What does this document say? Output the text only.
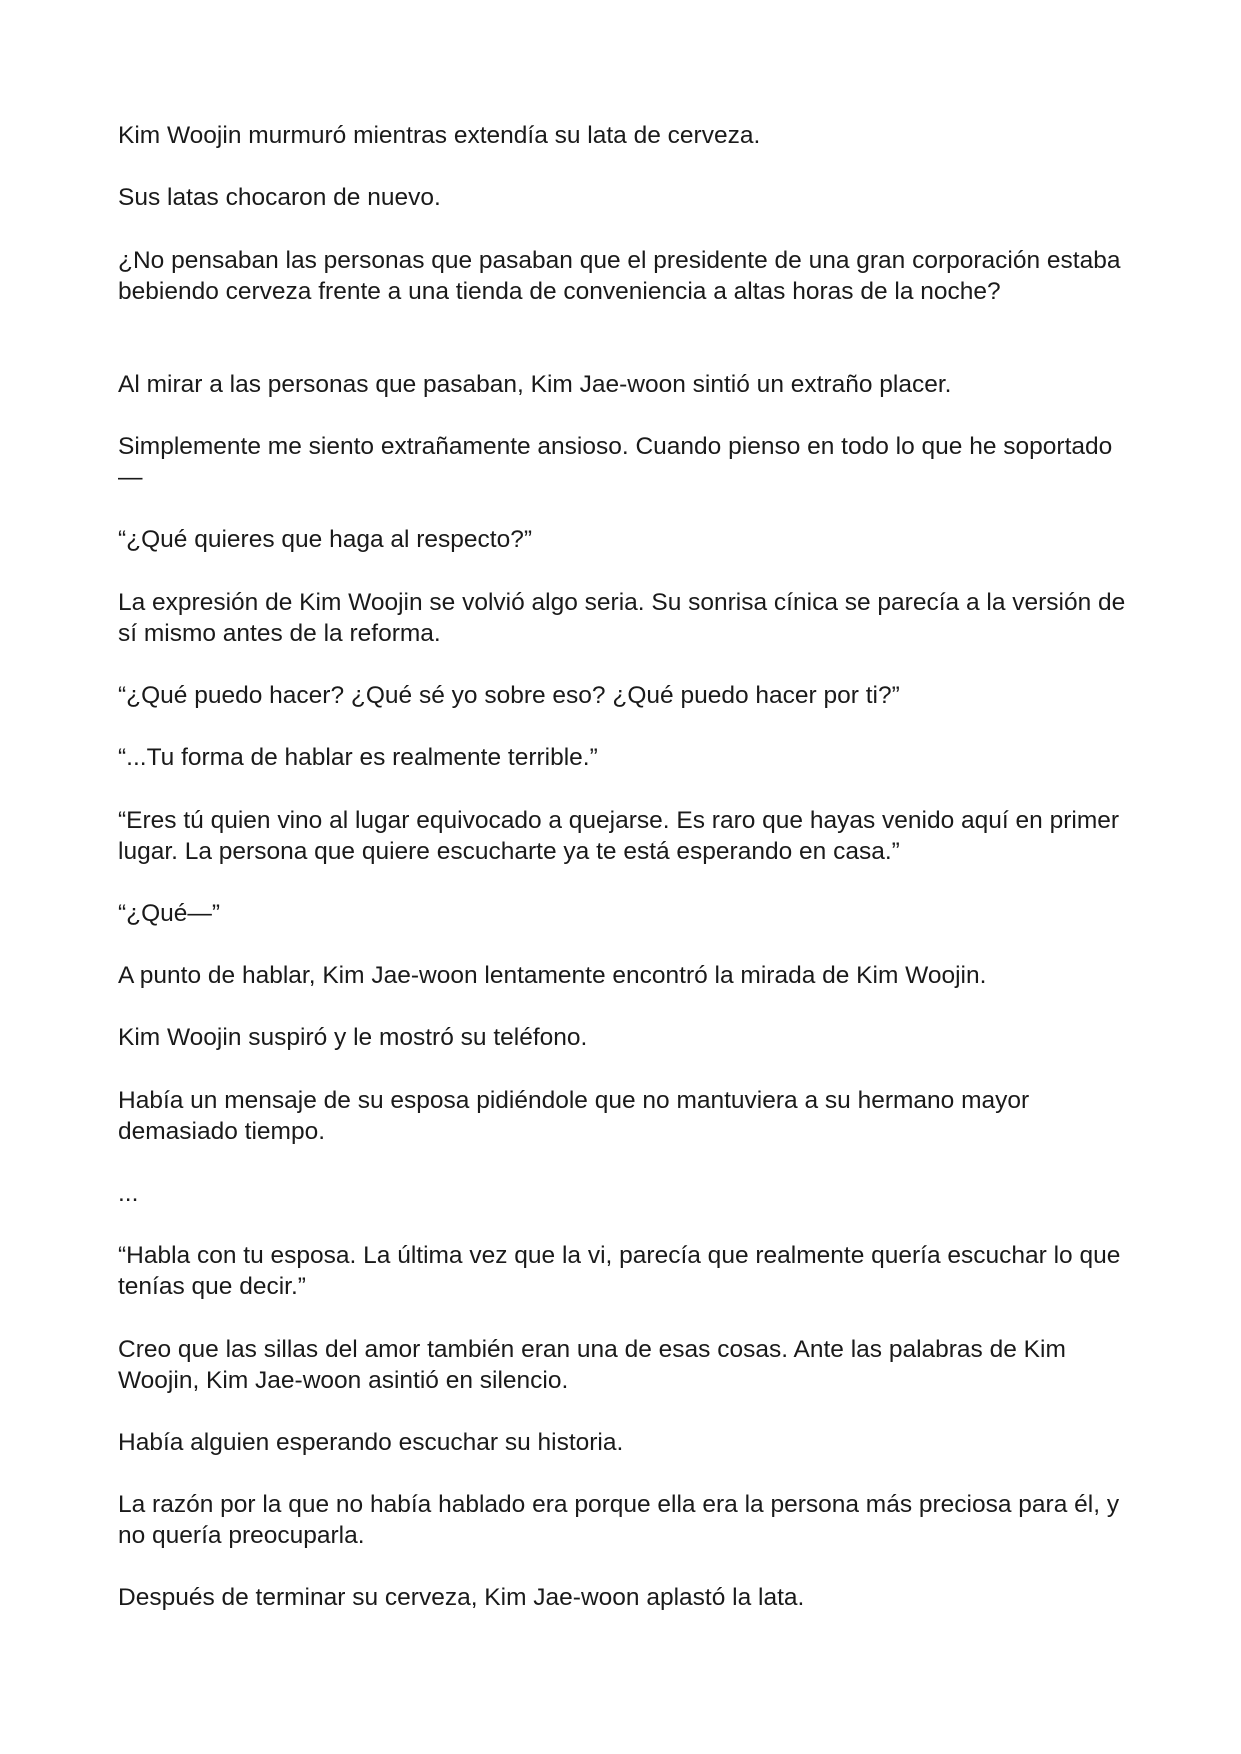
Kim Woojin murmuró mientras extendía su lata de cerveza.

Sus latas chocaron de nuevo.

¿No pensaban las personas que pasaban que el presidente de una gran corporación estaba bebiendo cerveza frente a una tienda de conveniencia a altas horas de la noche?

Al mirar a las personas que pasaban, Kim Jae-woon sintió un extraño placer.

Simplemente me siento extrañamente ansioso. Cuando pienso en todo lo que he soportado—

“¿Qué quieres que haga al respecto?”

La expresión de Kim Woojin se volvió algo seria. Su sonrisa cínica se parecía a la versión de sí mismo antes de la reforma.

“¿Qué puedo hacer? ¿Qué sé yo sobre eso? ¿Qué puedo hacer por ti?”

“...Tu forma de hablar es realmente terrible.”

“Eres tú quien vino al lugar equivocado a quejarse. Es raro que hayas venido aquí en primer lugar. La persona que quiere escucharte ya te está esperando en casa.”

“¿Qué—”

A punto de hablar, Kim Jae-woon lentamente encontró la mirada de Kim Woojin.

Kim Woojin suspiró y le mostró su teléfono.

Había un mensaje de su esposa pidiéndole que no mantuviera a su hermano mayor demasiado tiempo.

...

“Habla con tu esposa. La última vez que la vi, parecía que realmente quería escuchar lo que tenías que decir.”

Creo que las sillas del amor también eran una de esas cosas. Ante las palabras de Kim Woojin, Kim Jae-woon asintió en silencio.

Había alguien esperando escuchar su historia.

La razón por la que no había hablado era porque ella era la persona más preciosa para él, y no quería preocuparla.

Después de terminar su cerveza, Kim Jae-woon aplastó la lata.
